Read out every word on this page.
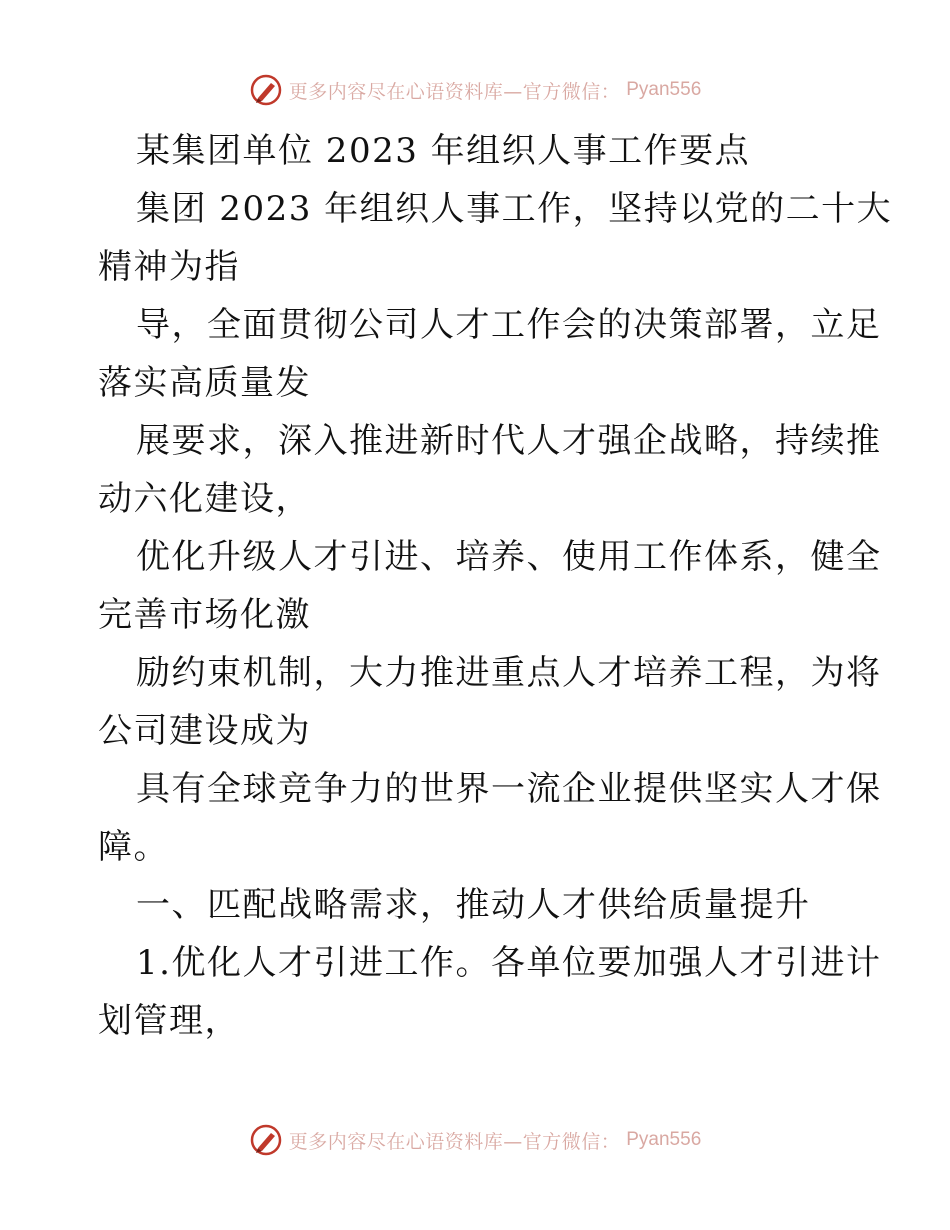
更多内容尽在心语资料库—官方微信： Pyan556
某集团单位 2023 年组织人事工作要点
集团 2023 年组织人事工作，坚持以党的二十大
精神为指
导，全面贯彻公司人才工作会的决策部署，立足
落实高质量发
展要求，深入推进新时代人才强企战略，持续推
动六化建设，
优化升级人才引进、培养、使用工作体系，健全
完善市场化激
励约束机制，大力推进重点人才培养工程，为将
公司建设成为
具有全球竞争力的世界一流企业提供坚实人才保
障。
一、匹配战略需求，推动人才供给质量提升
1.优化人才引进工作。各单位要加强人才引进计
划管理，
更多内容尽在心语资料库—官方微信： Pyan556
